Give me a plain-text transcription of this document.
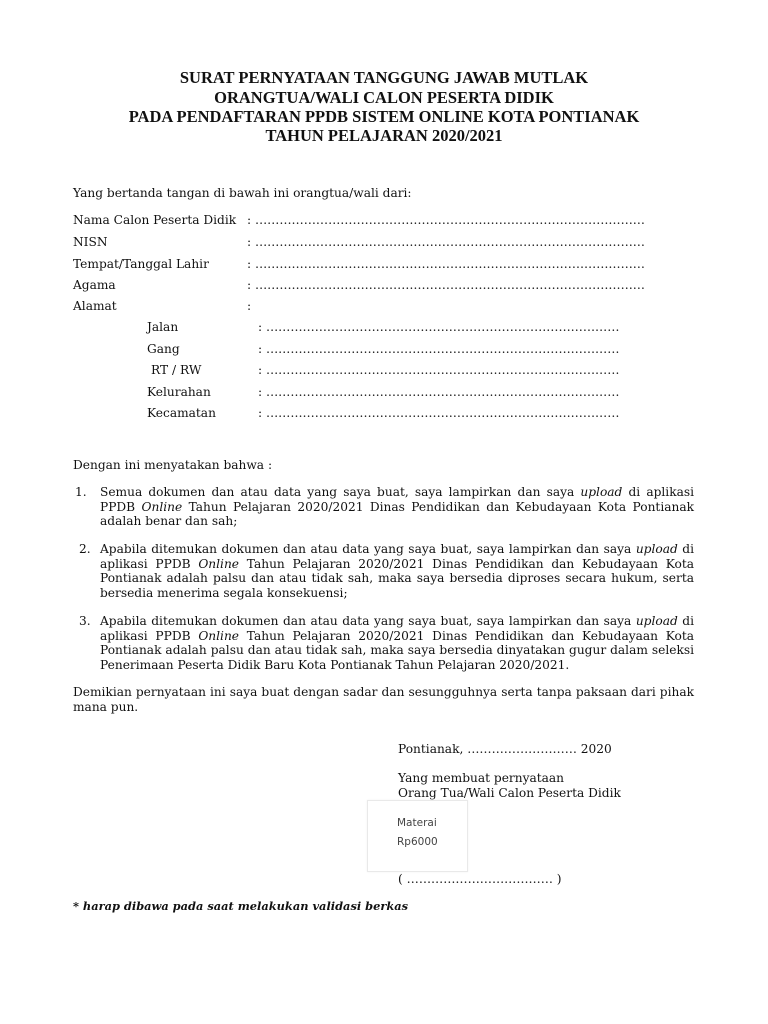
SURAT PERNYATAAN TANGGUNG JAWAB MUTLAK
ORANGTUA/WALI CALON PESERTA DIDIK
PADA PENDAFTARAN PPDB SISTEM ONLINE KOTA PONTIANAK
TAHUN PELAJARAN 2020/2021
Yang bertanda tangan di bawah ini orangtua/wali dari:
Nama Calon Peserta Didik : ……………………………………………………………………………………
NISN	: ……………………………………………………………………………………
Tempat/Tanggal Lahir	: ……………………………………………………………………………………
Agama	: ……………………………………………………………………………………
Alamat	:
Jalan	: ……………………………………………………………………………
Gang	: ……………………………………………………………………………
RT / RW	: ……………………………………………………………………………
Kelurahan	: ……………………………………………………………………………
Kecamatan	: ……………………………………………………………………………
Dengan ini menyatakan bahwa :
1. Semua dokumen dan atau data yang saya buat, saya lampirkan dan saya upload di aplikasi PPDB Online Tahun Pelajaran 2020/2021 Dinas Pendidikan dan Kebudayaan Kota Pontianak adalah benar dan sah;
2. Apabila ditemukan dokumen dan atau data yang saya buat, saya lampirkan dan saya upload di aplikasi PPDB Online Tahun Pelajaran 2020/2021 Dinas Pendidikan dan Kebudayaan Kota Pontianak adalah palsu dan atau tidak sah, maka saya bersedia diproses secara hukum, serta bersedia menerima segala konsekuensi;
3. Apabila ditemukan dokumen dan atau data yang saya buat, saya lampirkan dan saya upload di aplikasi PPDB Online Tahun Pelajaran 2020/2021 Dinas Pendidikan dan Kebudayaan Kota Pontianak adalah palsu dan atau tidak sah, maka saya bersedia dinyatakan gugur dalam seleksi Penerimaan Peserta Didik Baru Kota Pontianak Tahun Pelajaran 2020/2021.
Demikian pernyataan ini saya buat dengan sadar dan sesungguhnya serta tanpa paksaan dari pihak mana pun.
Pontianak, ……………………… 2020
Yang membuat pernyataan
Orang Tua/Wali Calon Peserta Didik
Materai
Rp6000
( ……………………………… )
* harap dibawa pada saat melakukan validasi berkas
